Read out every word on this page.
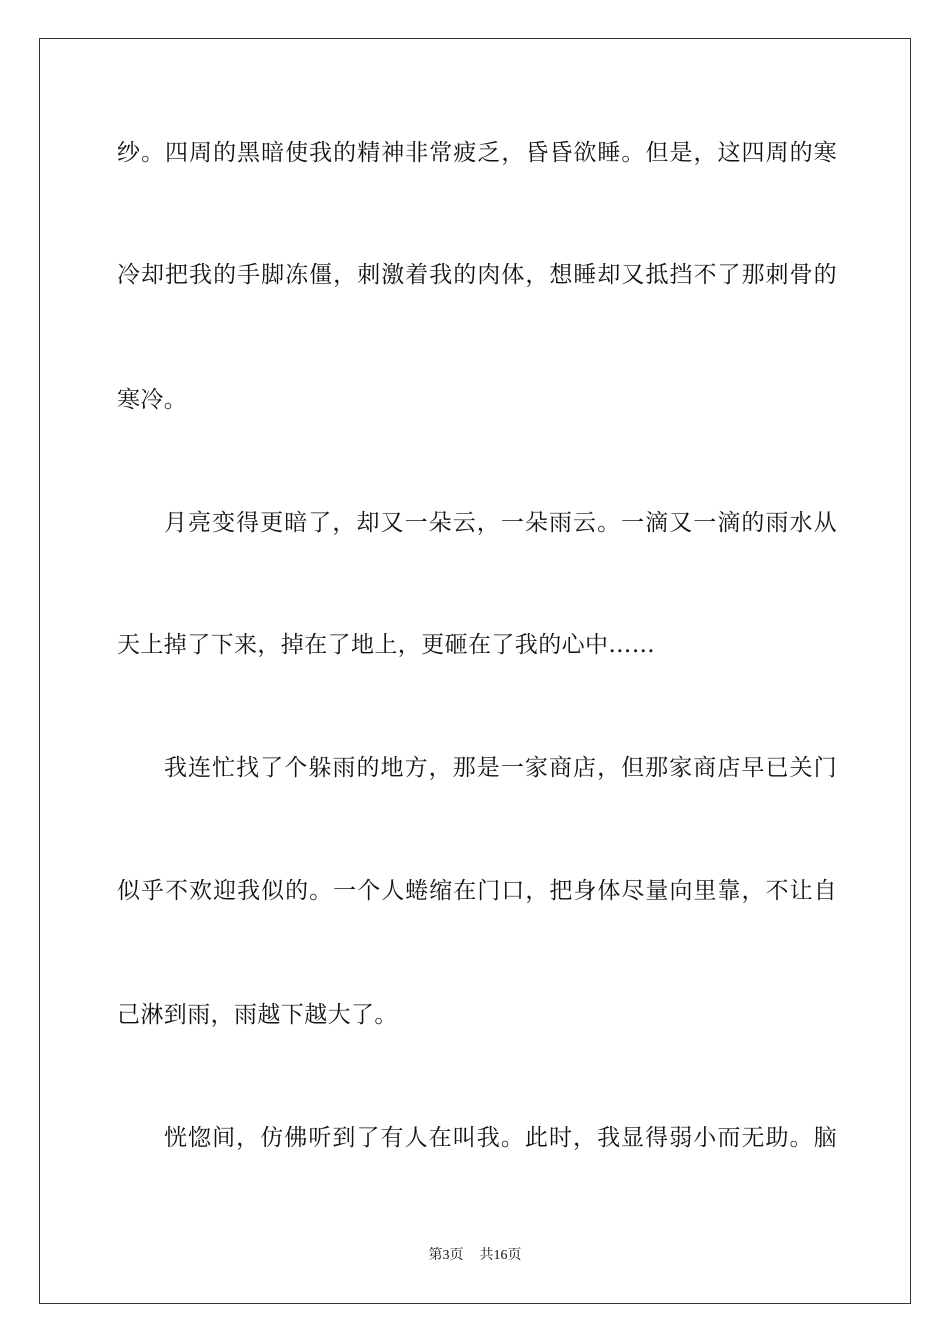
纱。四周的黑暗使我的精神非常疲乏，昏昏欲睡。但是，这四周的寒
冷却把我的手脚冻僵，刺激着我的肉体，想睡却又抵挡不了那刺骨的
寒冷。
月亮变得更暗了，却又一朵云，一朵雨云。一滴又一滴的雨水从
天上掉了下来，掉在了地上，更砸在了我的心中……
我连忙找了个躲雨的地方，那是一家商店，但那家商店早已关门
似乎不欢迎我似的。一个人蜷缩在门口，把身体尽量向里靠，不让自
己淋到雨，雨越下越大了。
恍惚间，仿佛听到了有人在叫我。此时，我显得弱小而无助。脑
第3页 共16页
